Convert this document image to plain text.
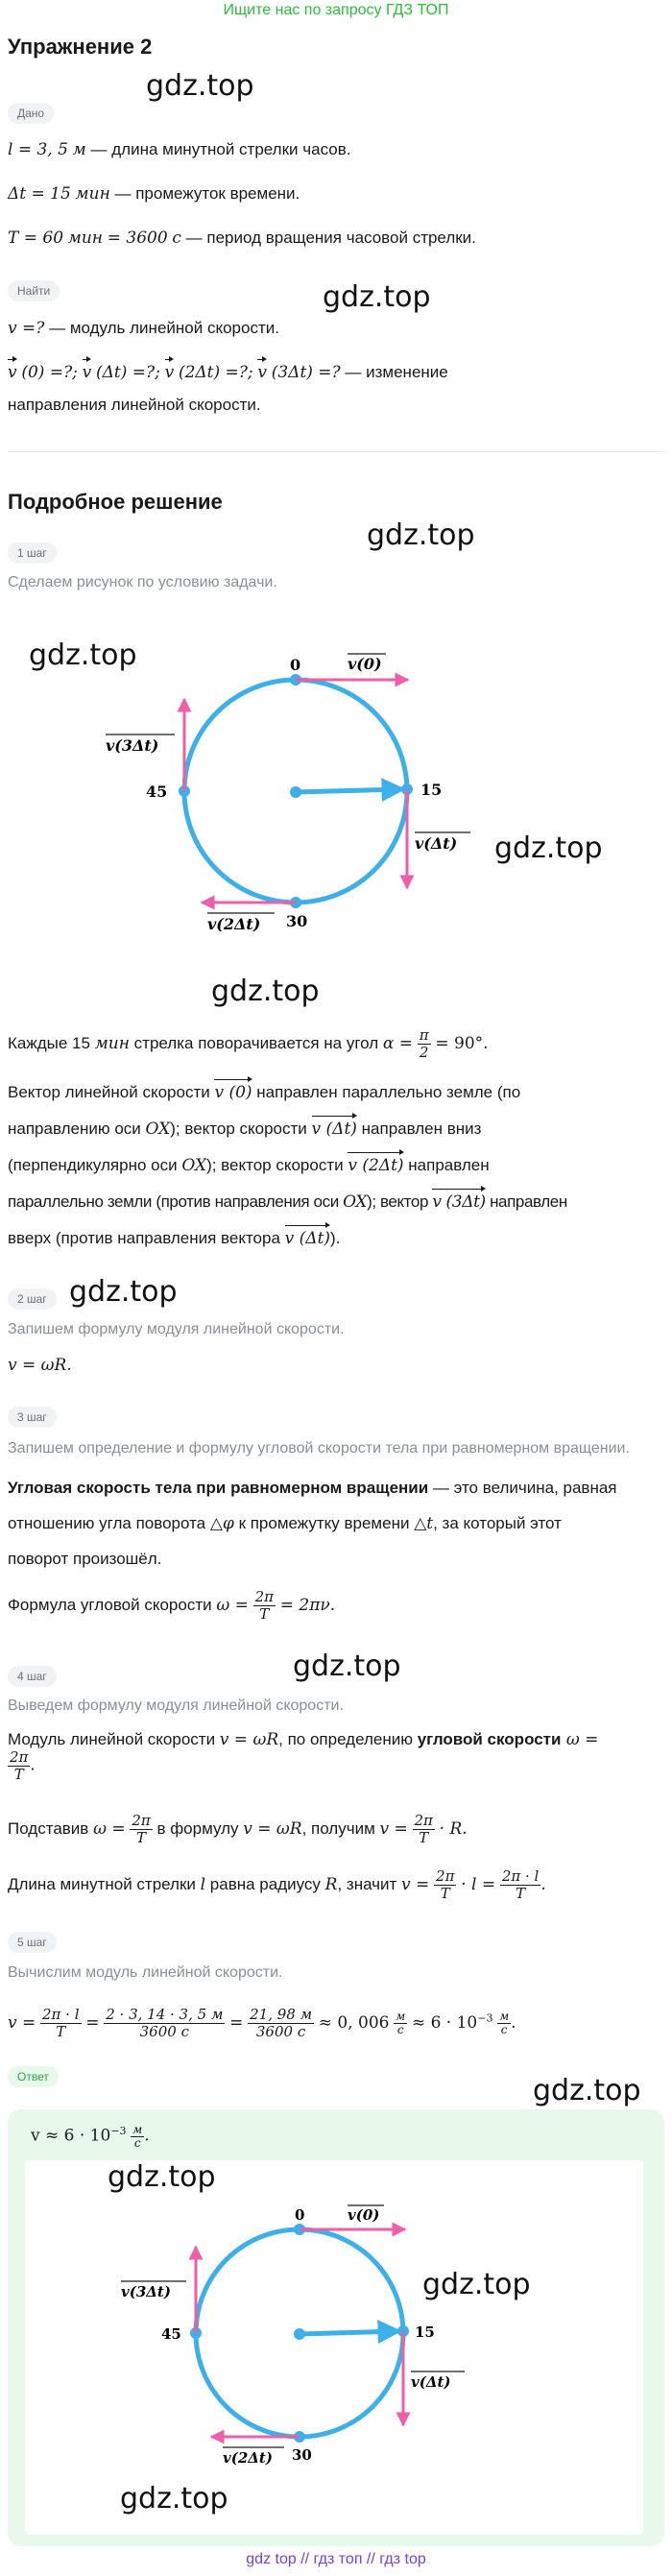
Ищите нас по запросу ГДЗ ТОП
Упражнение 2
gdz.top
Дано
l = 3, 5 м — длина минутной стрелки часов.
Δt = 15 мин — промежуток времени.
T = 60 мин = 3600 с — период вращения часовой стрелки.
gdz.top
Найти
v =? — модуль линейной скорости.
v (0) =?; v (Δt) =?; v (2Δt) =?; v (3Δt) =? — изменение
направления линейной скорости.
Подробное решение
gdz.top
1 шаг
Сделаем рисунок по условию задачи.
gdz.top
gdz.top
0
15
30
45
v(0)
v(Δt)
v(2Δt)
v(3Δt)
gdz.top
Каждые 15 мин стрелка поворачивается на угол $\alpha = \frac{\pi}{2} = 90^\circ$.
Вектор линейной скорости v (0) направлен параллельно земле (по
направлению оси OX); вектор скорости v (Δt) направлен вниз
(перпендикулярно оси OX); вектор скорости v (2Δt) направлен
параллельно земли (против направления оси OX); вектор v (3Δt) направлен
вверх (против направления вектора v (Δt)).
gdz.top
2 шаг
Запишем формулу модуля линейной скорости.
v = ωR.
3 шаг
Запишем определение и формулу угловой скорости тела при равномерном вращении.
Угловая скорость тела при равномерном вращении — это величина, равная
отношению угла поворота △φ к промежутку времени △t, за который этот
поворот произошёл.
Формула угловой скорости $\omega = \frac{2\pi}{T} = 2\pi\nu$.
gdz.top
4 шаг
Выведем формулу модуля линейной скорости.
Модуль линейной скорости v = ωR, по определению угловой скорости ω =
$\frac{2\pi}{T}$ .
Подставив $\omega = \frac{2\pi}{T}$ в формулу v = ωR, получим $v = \frac{2\pi}{T} \cdot R$.
Длина минутной стрелки l равна радиусу R, значит $v = \frac{2\pi}{T} \cdot l = \frac{2\pi \cdot l}{T}$ .
5 шаг
Вычислим модуль линейной скорости.
$v = \frac{2\pi \cdot l}{T} = \frac{2 \cdot 3, 14 \cdot 3, 5 м}{3600 с} = \frac{21, 98 м}{3600 с} \approx 0$, $006 \frac{м}{с} \approx 6 \cdot 10^{-3} \frac{м}{с}$ .
Ответ	gdz.top
$v \approx 6 \cdot 10^{-3} \frac{м}{с}$ .
0
15
30
45
v(0)
v(Δt)
v(2Δt)
v(3Δt)
gdz.top
gdz.top
gdz.top
gdz top // гдз топ // гдз top
